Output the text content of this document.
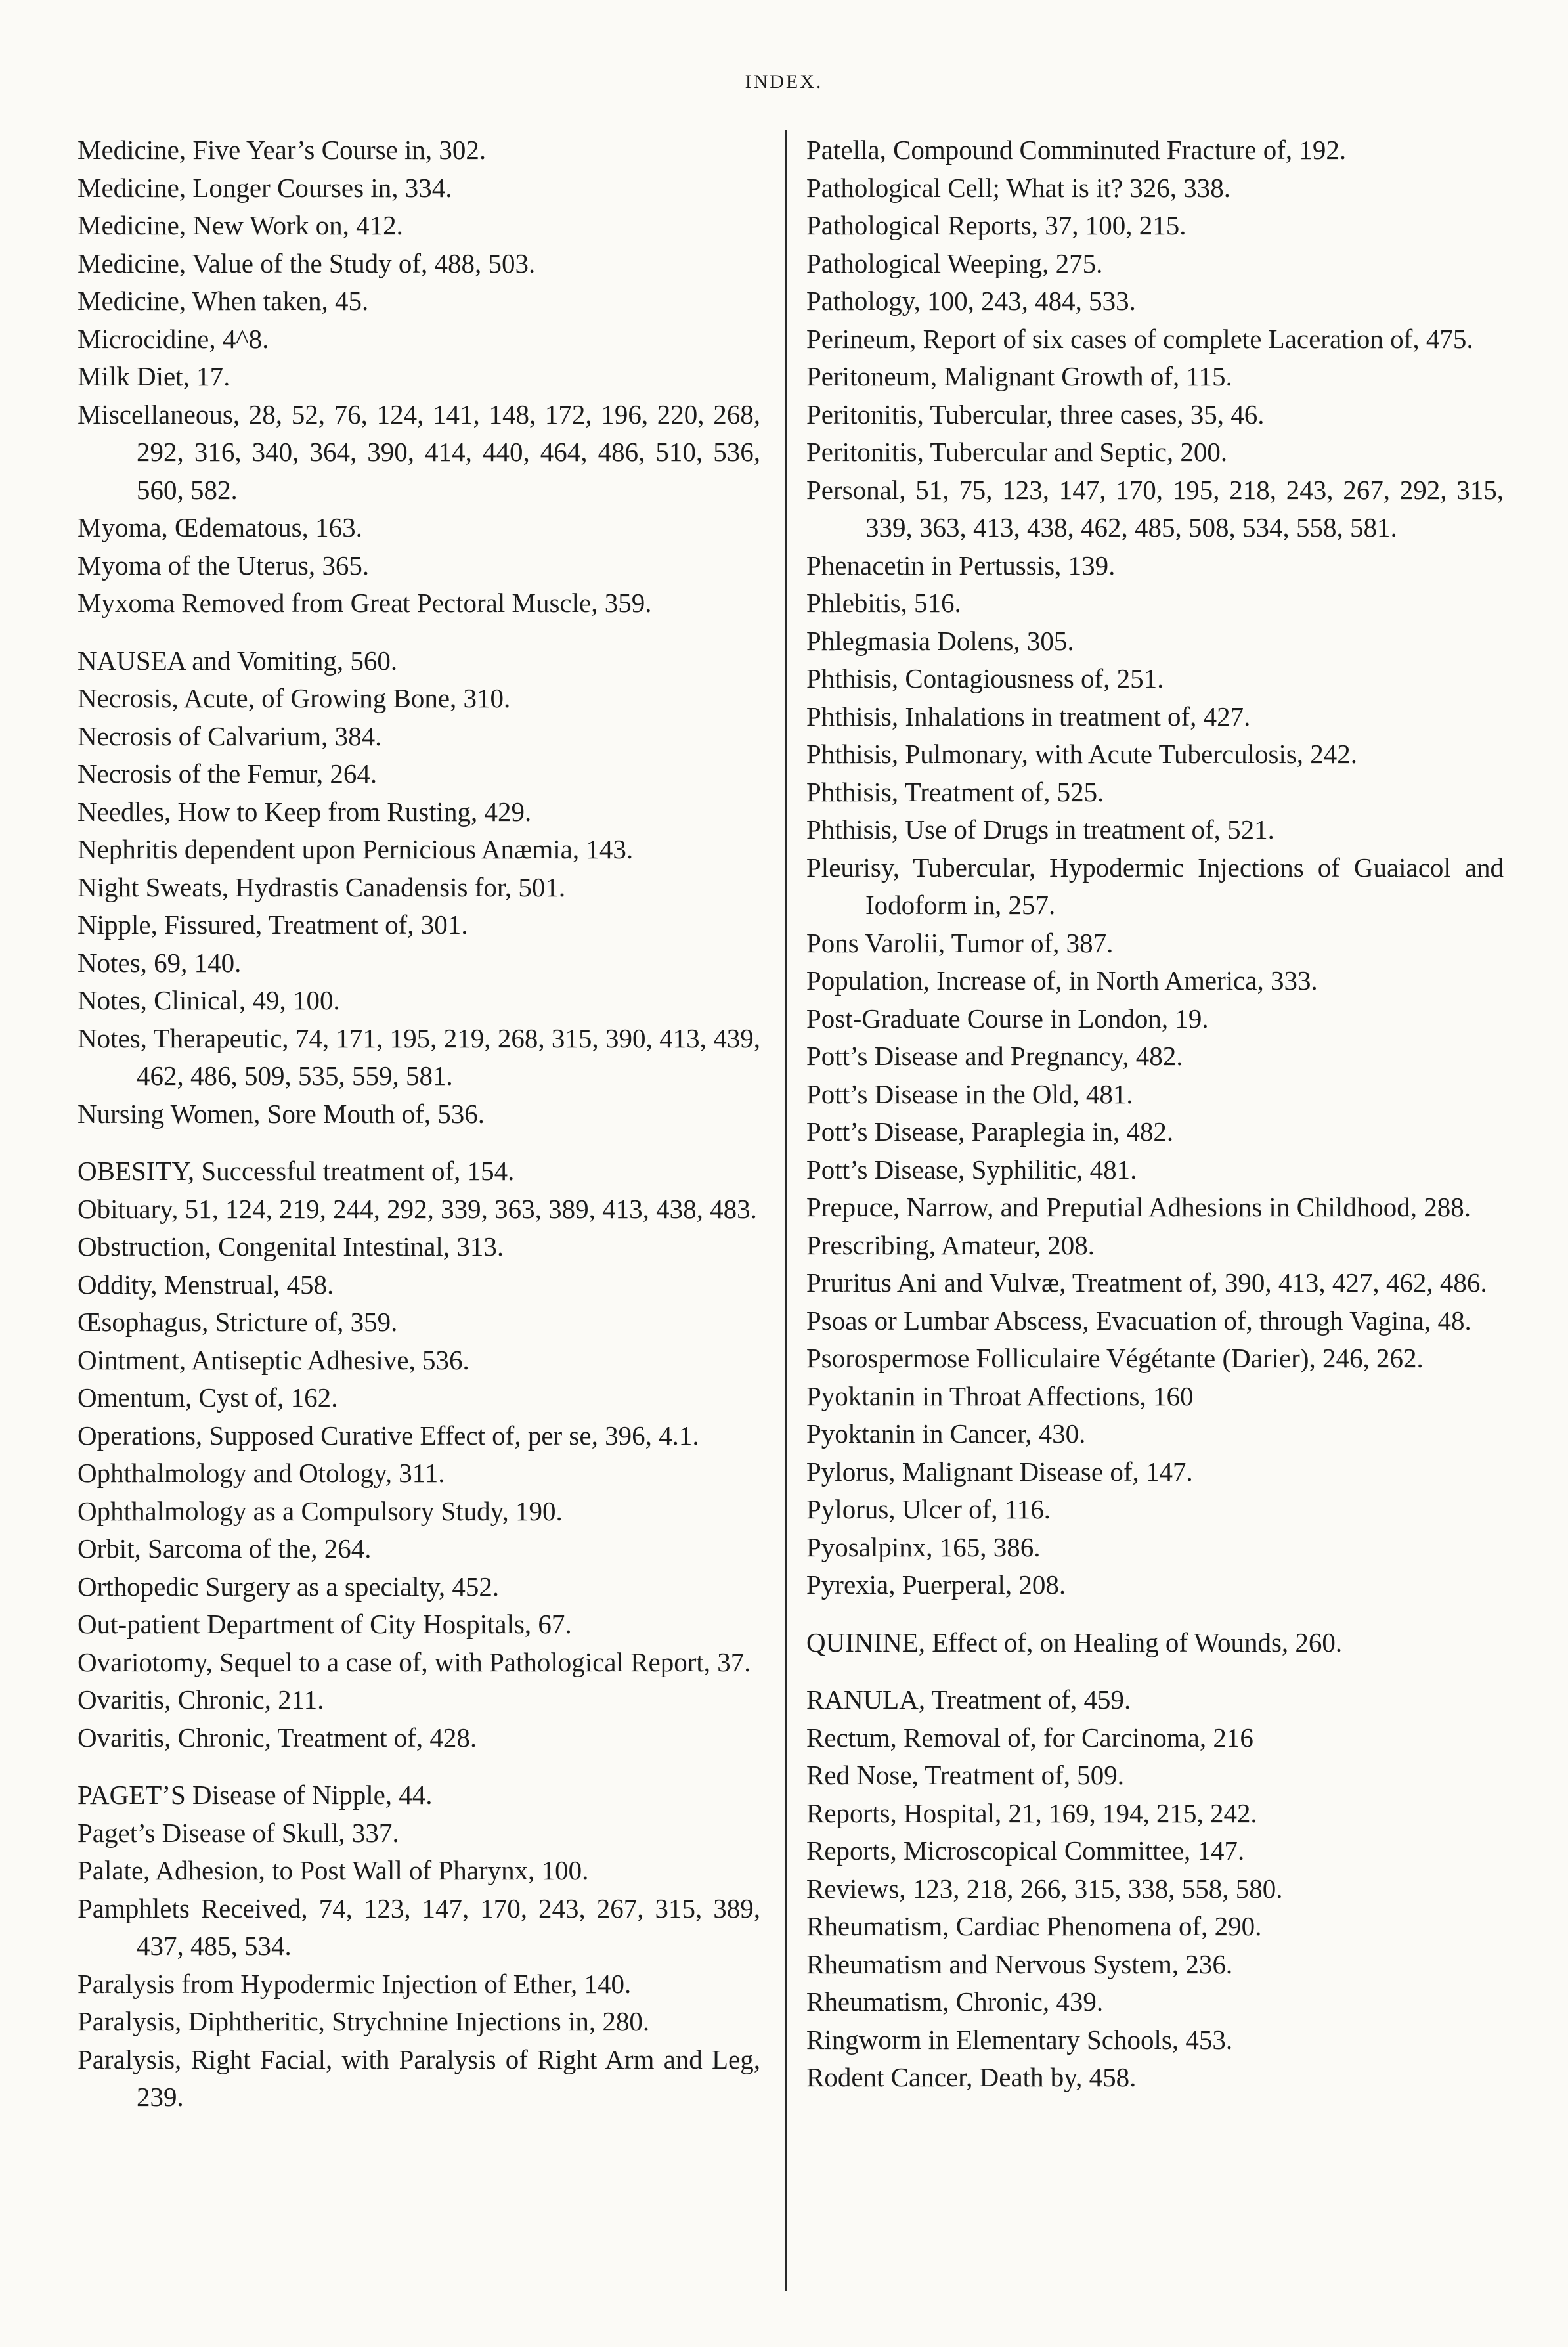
INDEX.
Medicine, Five Year’s Course in, 302.
Medicine, Longer Courses in, 334.
Medicine, New Work on, 412.
Medicine, Value of the Study of, 488, 503.
Medicine, When taken, 45.
Microcidine, 4^8.
Milk Diet, 17.
Miscellaneous, 28, 52, 76, 124, 141, 148, 172, 196, 220, 268, 292, 316, 340, 364, 390, 414, 440, 464, 486, 510, 536, 560, 582.
Myoma, Œdematous, 163.
Myoma of the Uterus, 365.
Myxoma Removed from Great Pectoral Muscle, 359.
NAUSEA and Vomiting, 560.
Necrosis, Acute, of Growing Bone, 310.
Necrosis of Calvarium, 384.
Necrosis of the Femur, 264.
Needles, How to Keep from Rusting, 429.
Nephritis dependent upon Pernicious Anæmia, 143.
Night Sweats, Hydrastis Canadensis for, 501.
Nipple, Fissured, Treatment of, 301.
Notes, 69, 140.
Notes, Clinical, 49, 100.
Notes, Therapeutic, 74, 171, 195, 219, 268, 315, 390, 413, 439, 462, 486, 509, 535, 559, 581.
Nursing Women, Sore Mouth of, 536.
OBESITY, Successful treatment of, 154.
Obituary, 51, 124, 219, 244, 292, 339, 363, 389, 413, 438, 483.
Obstruction, Congenital Intestinal, 313.
Oddity, Menstrual, 458.
Œsophagus, Stricture of, 359.
Ointment, Antiseptic Adhesive, 536.
Omentum, Cyst of, 162.
Operations, Supposed Curative Effect of, per se, 396, 4.1.
Ophthalmology and Otology, 311.
Ophthalmology as a Compulsory Study, 190.
Orbit, Sarcoma of the, 264.
Orthopedic Surgery as a specialty, 452.
Out-patient Department of City Hospitals, 67.
Ovariotomy, Sequel to a case of, with Pathological Report, 37.
Ovaritis, Chronic, 211.
Ovaritis, Chronic, Treatment of, 428.
PAGET’S Disease of Nipple, 44.
Paget’s Disease of Skull, 337.
Palate, Adhesion, to Post Wall of Pharynx, 100.
Pamphlets Received, 74, 123, 147, 170, 243, 267, 315, 389, 437, 485, 534.
Paralysis from Hypodermic Injection of Ether, 140.
Paralysis, Diphtheritic, Strychnine Injections in, 280.
Paralysis, Right Facial, with Paralysis of Right Arm and Leg, 239.
Patella, Compound Comminuted Fracture of, 192.
Pathological Cell; What is it? 326, 338.
Pathological Reports, 37, 100, 215.
Pathological Weeping, 275.
Pathology, 100, 243, 484, 533.
Perineum, Report of six cases of complete Laceration of, 475.
Peritoneum, Malignant Growth of, 115.
Peritonitis, Tubercular, three cases, 35, 46.
Peritonitis, Tubercular and Septic, 200.
Personal, 51, 75, 123, 147, 170, 195, 218, 243, 267, 292, 315, 339, 363, 413, 438, 462, 485, 508, 534, 558, 581.
Phenacetin in Pertussis, 139.
Phlebitis, 516.
Phlegmasia Dolens, 305.
Phthisis, Contagiousness of, 251.
Phthisis, Inhalations in treatment of, 427.
Phthisis, Pulmonary, with Acute Tuberculosis, 242.
Phthisis, Treatment of, 525.
Phthisis, Use of Drugs in treatment of, 521.
Pleurisy, Tubercular, Hypodermic Injections of Guaiacol and Iodoform in, 257.
Pons Varolii, Tumor of, 387.
Population, Increase of, in North America, 333.
Post-Graduate Course in London, 19.
Pott’s Disease and Pregnancy, 482.
Pott’s Disease in the Old, 481.
Pott’s Disease, Paraplegia in, 482.
Pott’s Disease, Syphilitic, 481.
Prepuce, Narrow, and Preputial Adhesions in Childhood, 288.
Prescribing, Amateur, 208.
Pruritus Ani and Vulvæ, Treatment of, 390, 413, 427, 462, 486.
Psoas or Lumbar Abscess, Evacuation of, through Vagina, 48.
Psorospermose Folliculaire Végétante (Darier), 246, 262.
Pyoktanin in Throat Affections, 160
Pyoktanin in Cancer, 430.
Pylorus, Malignant Disease of, 147.
Pylorus, Ulcer of, 116.
Pyosalpinx, 165, 386.
Pyrexia, Puerperal, 208.
QUININE, Effect of, on Healing of Wounds, 260.
RANULA, Treatment of, 459.
Rectum, Removal of, for Carcinoma, 216
Red Nose, Treatment of, 509.
Reports, Hospital, 21, 169, 194, 215, 242.
Reports, Microscopical Committee, 147.
Reviews, 123, 218, 266, 315, 338, 558, 580.
Rheumatism, Cardiac Phenomena of, 290.
Rheumatism and Nervous System, 236.
Rheumatism, Chronic, 439.
Ringworm in Elementary Schools, 453.
Rodent Cancer, Death by, 458.
